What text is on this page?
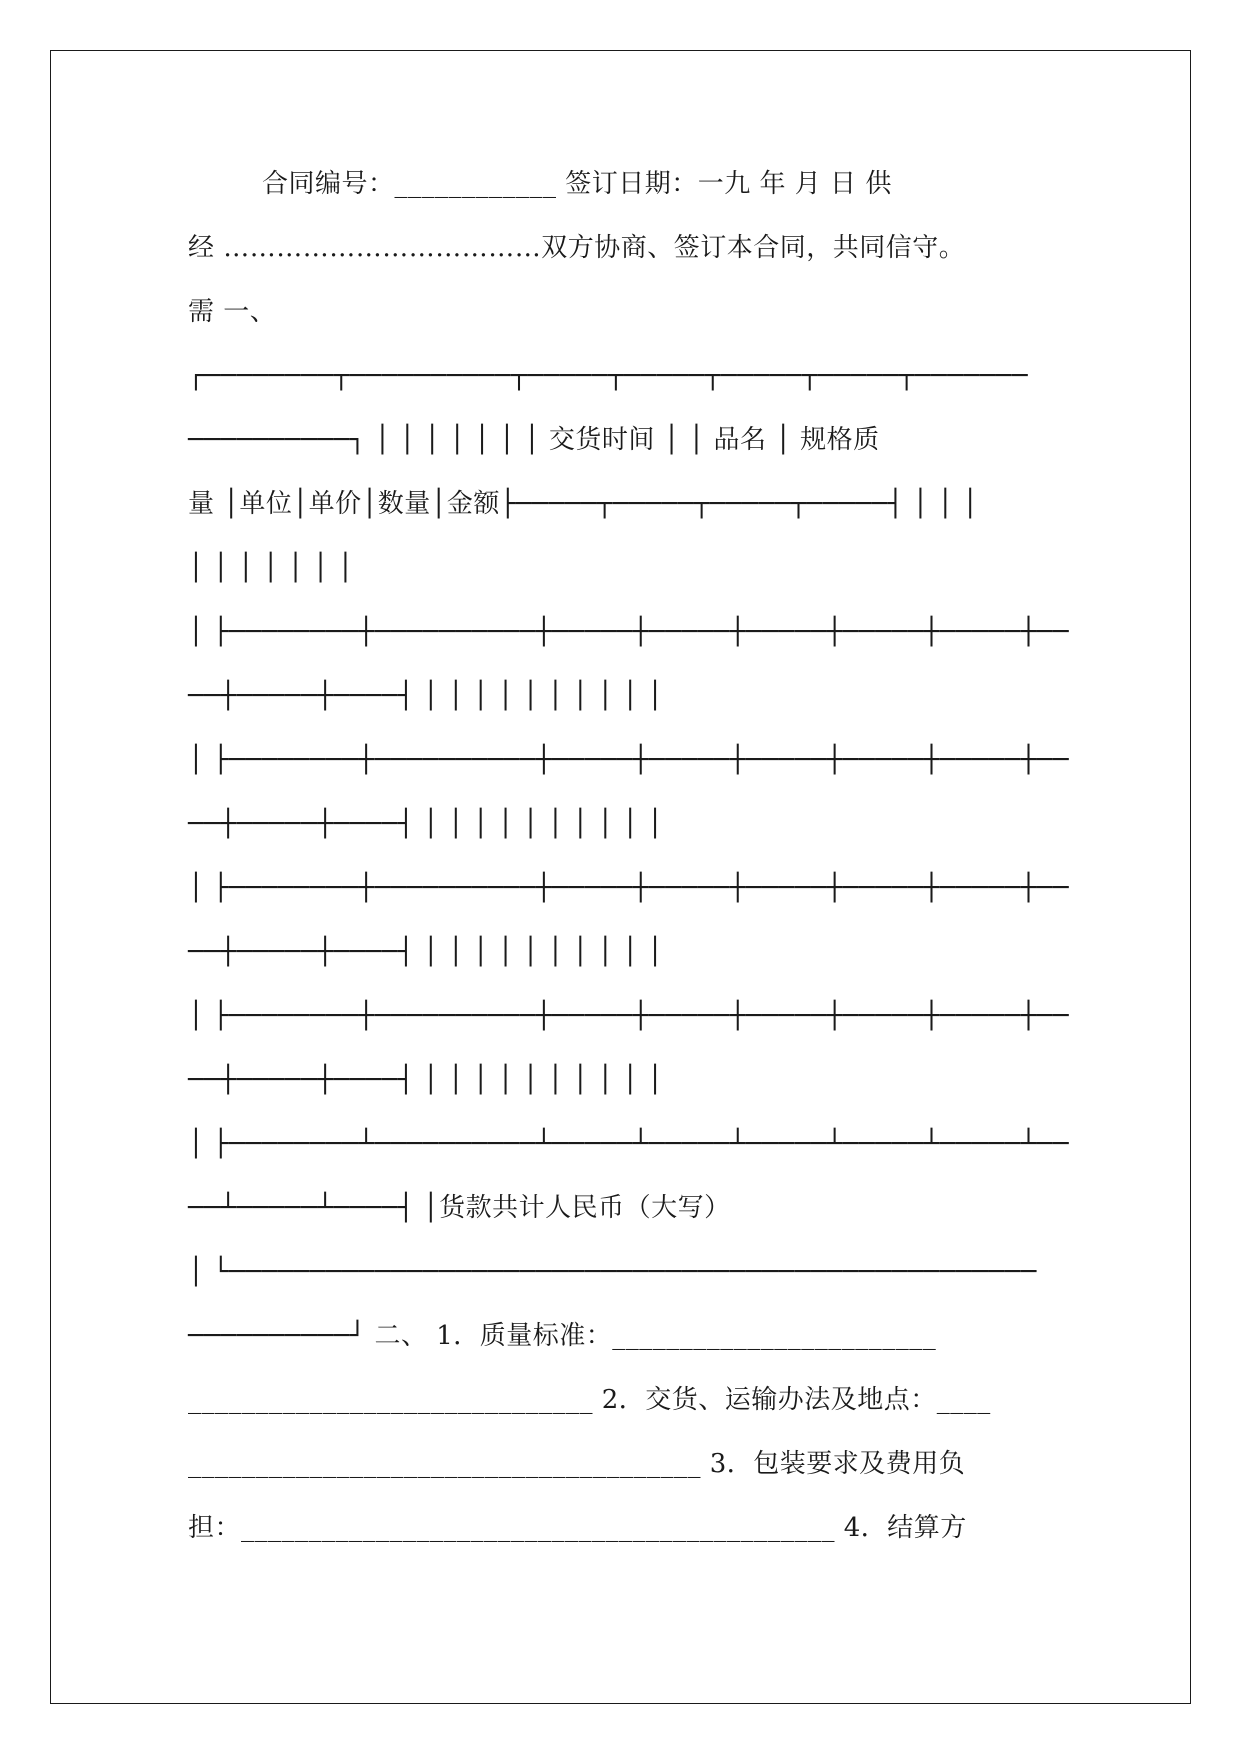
合同编号：____________ 签订日期：一九 年 月 日 供
经 ………………………………双方协商、签订本合同，共同信守。
需 一、
┌────────┬──────────┬─────┬─────┬─────┬─────┬───────
──────────┐ │ │ │ │ │ │ │ 交货时间 │ │ 品名 │ 规格质
量 │单位│单价│数量│金额├─────┬─────┬─────┬─────┤ │ │ │
│ │ │ │ │ │ │
│ ├────────┼──────────┼─────┼─────┼─────┼─────┼─────┼──
──┼─────┼────┤ │ │ │ │ │ │ │ │ │ │
│ ├────────┼──────────┼─────┼─────┼─────┼─────┼─────┼──
──┼─────┼────┤ │ │ │ │ │ │ │ │ │ │
│ ├────────┼──────────┼─────┼─────┼─────┼─────┼─────┼──
──┼─────┼────┤ │ │ │ │ │ │ │ │ │ │
│ ├────────┼──────────┼─────┼─────┼─────┼─────┼─────┼──
──┼─────┼────┤ │ │ │ │ │ │ │ │ │ │
│ ├────────┴──────────┴─────┴─────┴─────┴─────┴─────┴──
──┴─────┴────┤ │货款共计人民币（大写）
│ └──────────────────────────────────────────────────
──────────┘ 二、 1．质量标准：________________________
______________________________ 2．交货、运输办法及地点：____
______________________________________ 3．包装要求及费用负
担：____________________________________________ 4．结算方
